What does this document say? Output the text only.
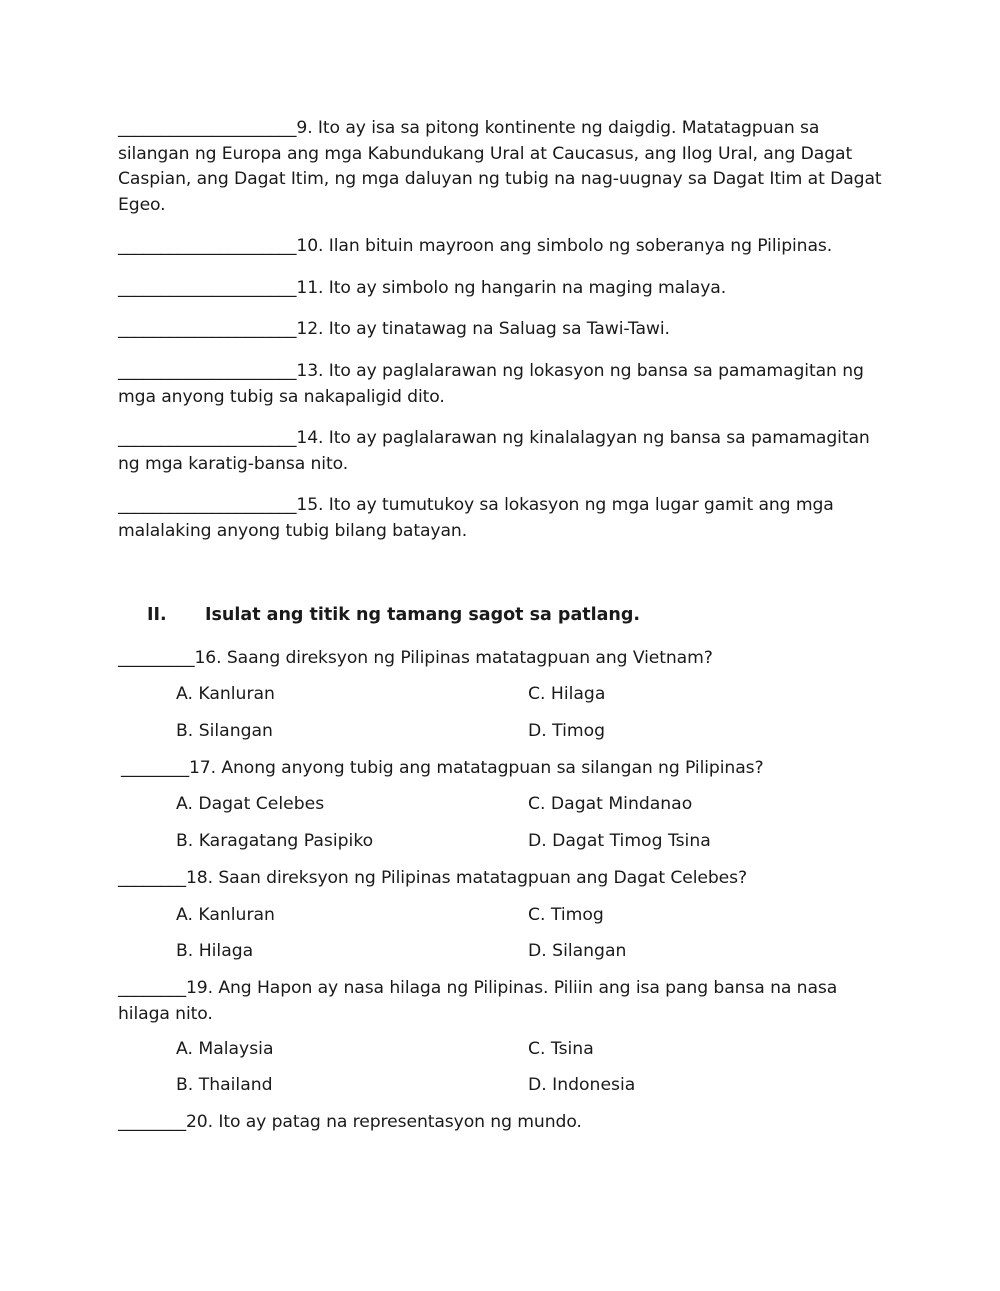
_____________________9. Ito ay isa sa pitong kontinente ng daigdig. Matatagpuan sa silangan ng Europa ang mga Kabundukang Ural at Caucasus, ang Ilog Ural, ang Dagat Caspian, ang Dagat Itim, ng mga daluyan ng tubig na nag-uugnay sa Dagat Itim at Dagat Egeo.

_____________________10. Ilan bituin mayroon ang simbolo ng soberanya ng Pilipinas.

_____________________11. Ito ay simbolo ng hangarin na maging malaya.

_____________________12. Ito ay tinatawag na Saluag sa Tawi-Tawi.

_____________________13. Ito ay paglalarawan ng lokasyon ng bansa sa pamamagitan ng mga anyong tubig sa nakapaligid dito.

_____________________14. Ito ay paglalarawan ng kinalalagyan ng bansa sa pamamagitan ng mga karatig-bansa nito.

_____________________15. Ito ay tumutukoy sa lokasyon ng mga lugar gamit ang mga malalaking anyong tubig bilang batayan.

II. Isulat ang titik ng tamang sagot sa patlang.

_________16. Saang direksyon ng Pilipinas matatagpuan ang Vietnam?

A. Kanluran	C. Hilaga

B. Silangan	D. Timog

________17. Anong anyong tubig ang matatagpuan sa silangan ng Pilipinas?

A. Dagat Celebes	C. Dagat Mindanao

B. Karagatang Pasipiko	D. Dagat Timog Tsina

________18. Saan direksyon ng Pilipinas matatagpuan ang Dagat Celebes?

A. Kanluran	C. Timog

B. Hilaga	D. Silangan

________19. Ang Hapon ay nasa hilaga ng Pilipinas. Piliin ang isa pang bansa na nasa hilaga nito.

A. Malaysia	C. Tsina

B. Thailand	D. Indonesia

________20. Ito ay patag na representasyon ng mundo.
